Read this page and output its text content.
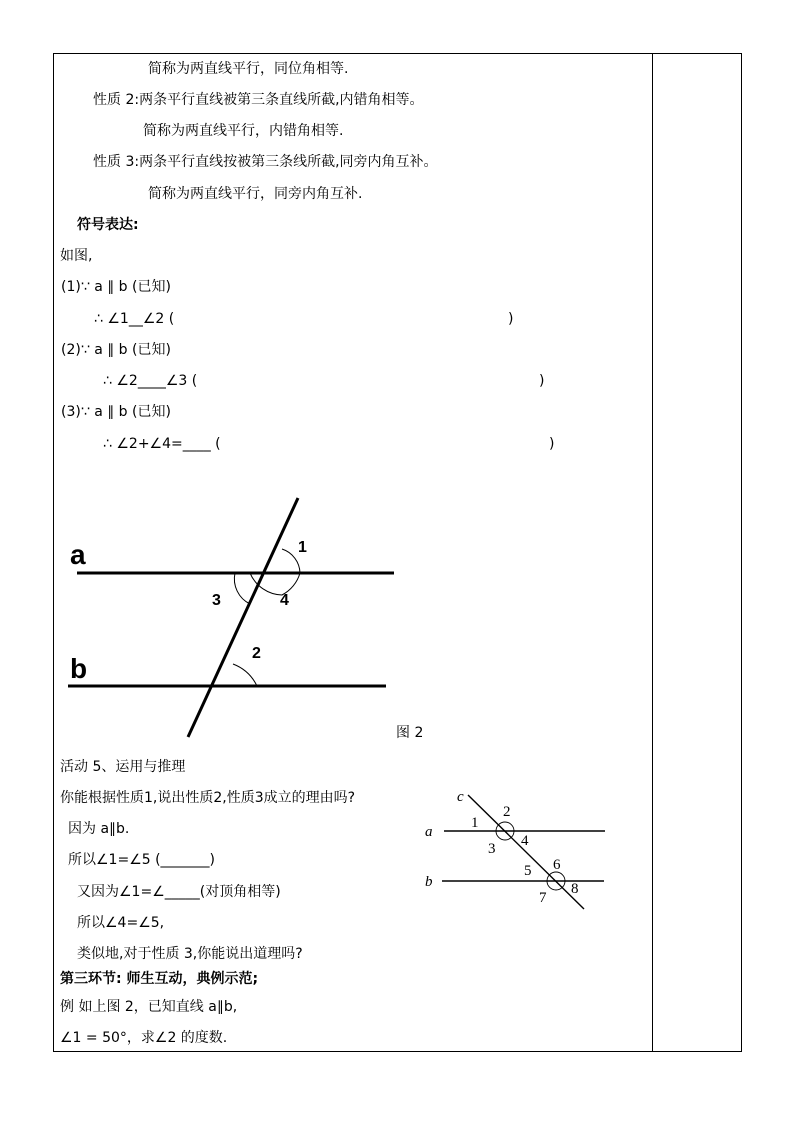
简称为两直线平行，同位角相等.
性质 2:两条平行直线被第三条直线所截,内错角相等。
简称为两直线平行，内错角相等.
性质 3:两条平行直线按被第三条线所截,同旁内角互补。
简称为两直线平行，同旁内角互补.
符号表达:
如图,
(1)∵ a ∥ b (已知)
∴ ∠1__∠2 (	)
(2)∵ a ∥ b (已知)
∴ ∠2____∠3 (	)
(3)∵ a ∥ b (已知)
∴ ∠2+∠4=____ (	)
a
b
1
3	4
2
图 2
活动 5、运用与推理
你能根据性质1,说出性质2,性质3成立的理由吗?
因为 a∥b.
所以∠1=∠5 (_______)
又因为∠1=∠_____(对顶角相等)
所以∠4=∠5,
类似地,对于性质 3,你能说出道理吗?
第三环节: 师生互动，典例示范;
c
a
b
2
1
3 4
5 6
7
8
例 如上图 2，已知直线 a∥b,
∠1 = 50°，求∠2 的度数.
